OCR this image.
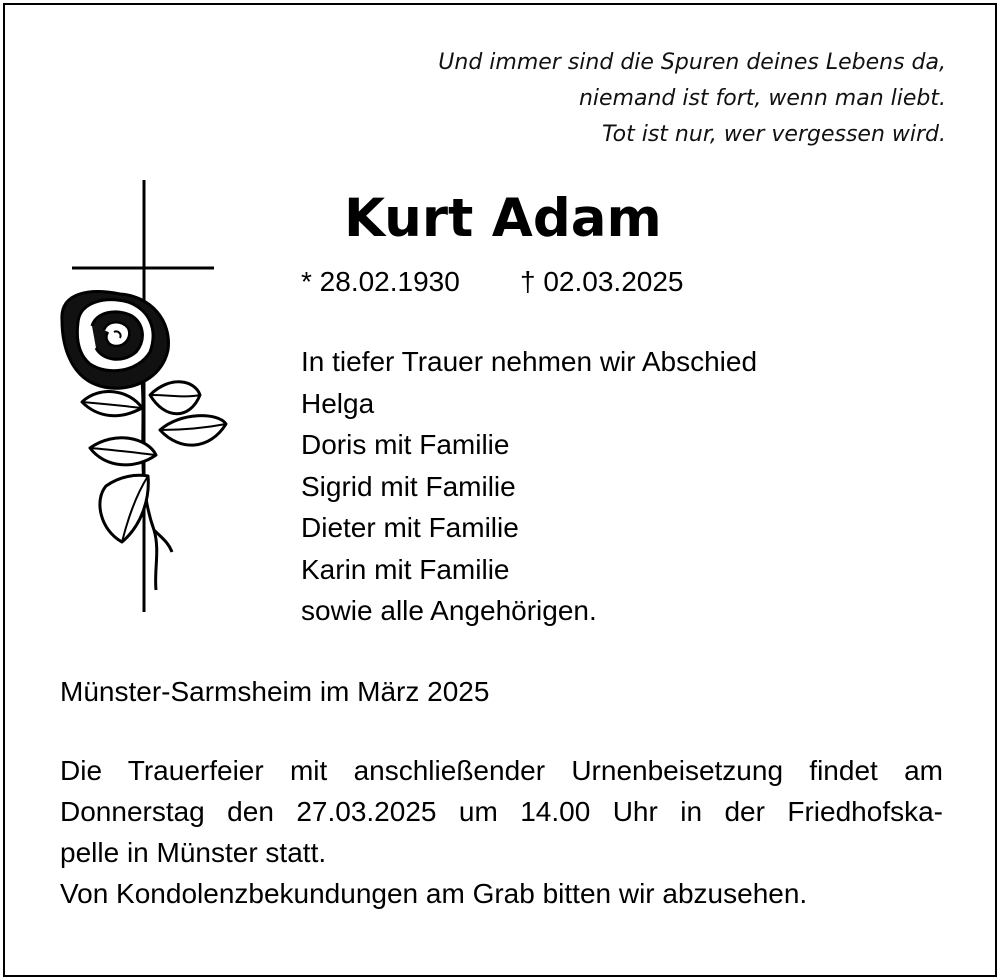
Und immer sind die Spuren deines Lebens da,
niemand ist fort, wenn man liebt.
Tot ist nur, wer vergessen wird.
Kurt Adam
* 28.02.1930 † 02.03.2025
In tiefer Trauer nehmen wir Abschied
Helga
Doris mit Familie
Sigrid mit Familie
Dieter mit Familie
Karin mit Familie
sowie alle Angehörigen.
Münster-Sarmsheim im März 2025
Die Trauerfeier mit anschließender Urnenbeisetzung findet am
Donnerstag den 27.03.2025 um 14.00 Uhr in der Friedhofska-
pelle in Münster statt.
Von Kondolenzbekundungen am Grab bitten wir abzusehen.
